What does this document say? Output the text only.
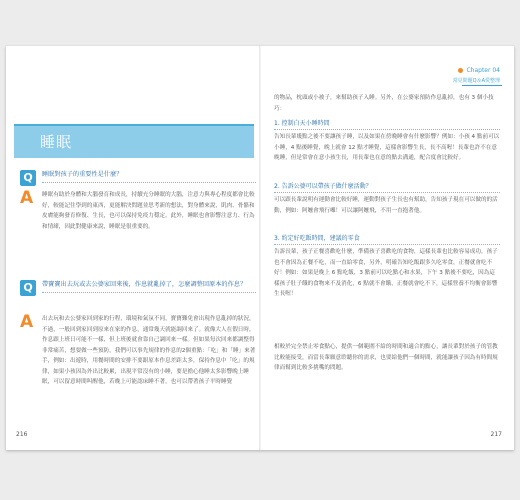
睡眠
Q	睡眠對孩子的重要性是什麼？
A 睡眠有助於身體和大腦發育和成長，持續充分睡眠的大腦，注意力與專心程度都會比較好，較能記住學到的東西，更能解決問題並思考新的想法，對身體來說，肌肉、骨骼和皮膚能夠發育修復、生長，也可以保持免疫力穩定。此外，睡眠也會影響注意力、行為和情緒，因此對健康來說，睡眠是很重要的。
Q	帶寶寶出去玩或去公婆家回來後，作息就亂掉了，怎麼調整回原本的作息？
A 出去玩和去公婆家回到家的行程，環境和氣氛不同，寶寶難免會出現作息亂掉的狀況，不過，一般回到家回到原來在家的作息，通常幾天就能調回來了。就像大人在假日時，作息跟上班日可能不一樣，但上班後就會靠自己調回來一樣。但如果每次回來都調整得非常痛苦，想要做一些預防，我們可以事先規律的作息的2個重點：「吃」和「睡」來著手，例如：出遊時，用餐時間的安排不要跟原本作息差距太多，保持作息中「吃」的規律，如果小孩因為外出比較累，出現平常沒有的小睡，要是擔心他睡太多影響晚上睡眠，可以留意時間叫醒他，若晚上可能認床睡不著，也可以帶著孩子平時睡覺
216
Chapter 04
常見問題Q＆A愛整理
的物品，枕頭或小被子，來幫助孩子入睡。另外，在公婆家預防作息亂掉，也有 3 個小技巧：
1. 控制白天小睡時間
告知長輩幾點之後不要讓孩子睡，以及如果在傍晚睡會有什麼影響？例如：小孩 4 點前可以小睡，4 點後睡覺，晚上就會 12 點才睡覺，這樣會影響生長，長不高喔！長輩也許不在意晚睡，但是常會在意小孩生長，用長輩也在意的點去溝通，配合度會比較好。
2. 告訴公婆可以帶孩子做什麼活動？
可以跟長輩說明有運動會比較好睡，運動對孩子生長也有幫助，告知孩子現在可以做的的活動，例如：阿嬤會飛行囉！可以讓阿嬤飛，不用一直抱著他。
3. 約定好吃飯時間，建議的零食
告訴長輩，孩子正餐喜歡吃什麼，準備孩子喜歡吃的食物，這樣長輩也比較容易成功，孩子也不會因為正餐不吃，而一直給零食，另外，明確告知吃飯跟多久吃零食，正餐就會吃不好！例如：如果是晚上 6 點吃飯，3 點前可以吃點心和水果，下午 3 點後不要吃，因為這樣孩子肚子餓的食物來不及消化，6 點就不會餓，正餐就會吃不下，這樣營養不均衡會影響生長喔！
相較於完全禁止零食點心，提供一個範圍不給的時間和適合的點心，讓長輩對於孩子的管教比較能接受，而當長輩願意聆聽你的需求，也要給他們一個時間，就能讓孩子因為有時間規律而幫到比較多挑嘴的問題。
217
